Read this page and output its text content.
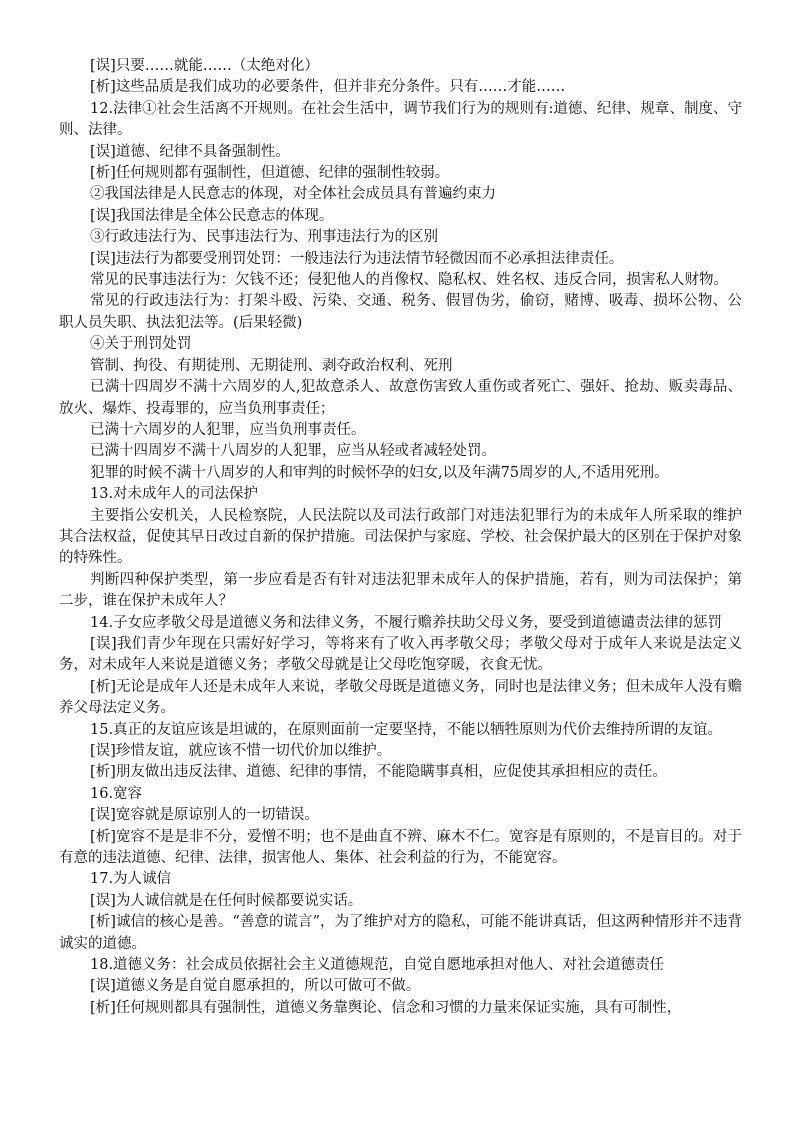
[误]只要……就能……（太绝对化）

[析]这些品质是我们成功的必要条件，但并非充分条件。只有……才能……

12.法律①社会生活离不开规则。在社会生活中，调节我们行为的规则有:道德、纪律、规章、制度、守则、法律。

[误]道德、纪律不具备强制性。

[析]任何规则都有强制性，但道德、纪律的强制性较弱。

②我国法律是人民意志的体现，对全体社会成员具有普遍约束力

[误]我国法律是全体公民意志的体现。

③行政违法行为、民事违法行为、刑事违法行为的区别

[误]违法行为都要受刑罚处罚：一般违法行为违法情节轻微因而不必承担法律责任。

常见的民事违法行为：欠钱不还；侵犯他人的肖像权、隐私权、姓名权、违反合同，损害私人财物。

常见的行政违法行为：打架斗殴、污染、交通、税务、假冒伪劣，偷窃，赌博、吸毒、损坏公物、公职人员失职、执法犯法等。(后果轻微)

④关于刑罚处罚

管制、拘役、有期徒刑、无期徒刑、剥夺政治权利、死刑

已满十四周岁不满十六周岁的人,犯故意杀人、故意伤害致人重伤或者死亡、强奸、抢劫、贩卖毒品、放火、爆炸、投毒罪的，应当负刑事责任；

已满十六周岁的人犯罪，应当负刑事责任。

已满十四周岁不满十八周岁的人犯罪，应当从轻或者减轻处罚。

犯罪的时候不满十八周岁的人和审判的时候怀孕的妇女,以及年满75周岁的人,不适用死刑。

13.对未成年人的司法保护

主要指公安机关，人民检察院，人民法院以及司法行政部门对违法犯罪行为的未成年人所采取的维护其合法权益，促使其早日改过自新的保护措施。司法保护与家庭、学校、社会保护最大的区别在于保护对象的特殊性。

判断四种保护类型，第一步应看是否有针对违法犯罪未成年人的保护措施，若有，则为司法保护；第二步，谁在保护未成年人？

14.子女应孝敬父母是道德义务和法律义务，不履行赡养扶助父母义务，要受到道德谴责法律的惩罚

[误]我们青少年现在只需好好学习，等将来有了收入再孝敬父母；孝敬父母对于成年人来说是法定义务，对未成年人来说是道德义务；孝敬父母就是让父母吃饱穿暖，衣食无忧。

[析]无论是成年人还是未成年人来说，孝敬父母既是道德义务，同时也是法律义务；但未成年人没有赡养父母法定义务。

15.真正的友谊应该是坦诚的，在原则面前一定要坚持，不能以牺牲原则为代价去维持所谓的友谊。

[误]珍惜友谊，就应该不惜一切代价加以维护。

[析]朋友做出违反法律、道德、纪律的事情，不能隐瞒事真相，应促使其承担相应的责任。

16.宽容

[误]宽容就是原谅别人的一切错误。

[析]宽容不是是非不分，爱憎不明；也不是曲直不辨、麻木不仁。宽容是有原则的，不是盲目的。对于有意的违法道德、纪律、法律，损害他人、集体、社会利益的行为，不能宽容。

17.为人诚信

[误]为人诚信就是在任何时候都要说实话。

[析]诚信的核心是善。“善意的谎言”，为了维护对方的隐私，可能不能讲真话，但这两种情形并不违背诚实的道德。

18.道德义务：社会成员依据社会主义道德规范，自觉自愿地承担对他人、对社会道德责任

[误]道德义务是自觉自愿承担的，所以可做可不做。

[析]任何规则都具有强制性，道德义务靠舆论、信念和习惯的力量来保证实施，具有可制性，
